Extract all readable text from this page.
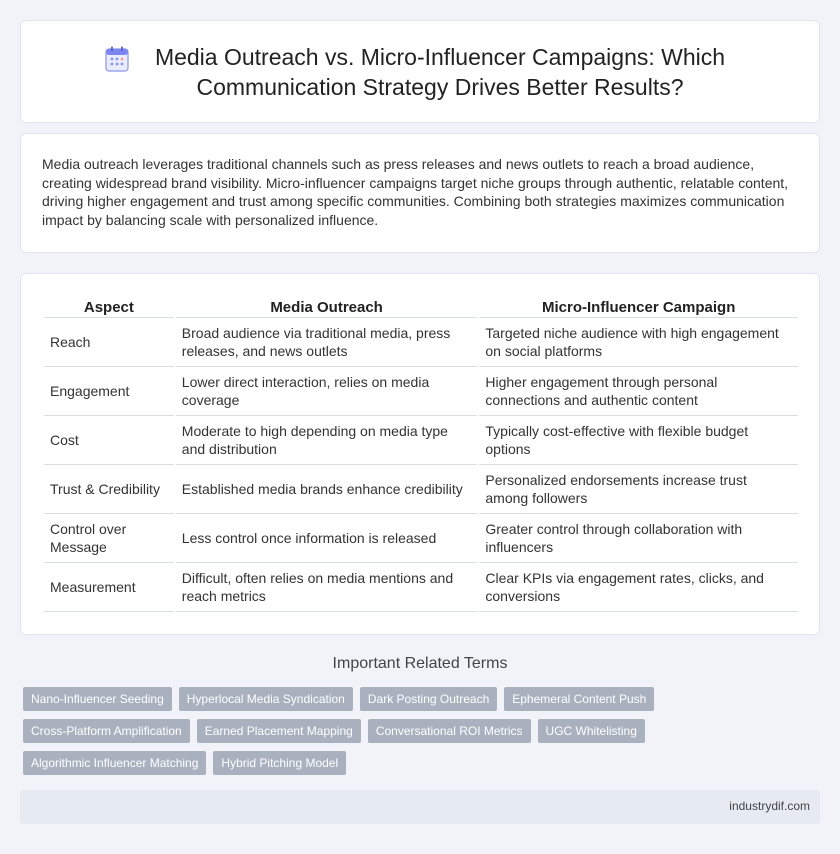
Media Outreach vs. Micro-Influencer Campaigns: Which Communication Strategy Drives Better Results?

Media outreach leverages traditional channels such as press releases and news outlets to reach a broad audience, creating widespread brand visibility. Micro-influencer campaigns target niche groups through authentic, relatable content, driving higher engagement and trust among specific communities. Combining both strategies maximizes communication impact by balancing scale with personalized influence.

Aspect	Media Outreach	Micro-Influencer Campaign
Reach	Broad audience via traditional media, press releases, and news outlets	Targeted niche audience with high engagement on social platforms
Engagement	Lower direct interaction, relies on media coverage	Higher engagement through personal connections and authentic content
Cost	Moderate to high depending on media type and distribution	Typically cost-effective with flexible budget options
Trust & Credibility	Established media brands enhance credibility	Personalized endorsements increase trust among followers
Control over Message	Less control once information is released	Greater control through collaboration with influencers
Measurement	Difficult, often relies on media mentions and reach metrics	Clear KPIs via engagement rates, clicks, and conversions
Important Related Terms
Nano-Influencer Seeding	Hyperlocal Media Syndication	Dark Posting Outreach	Ephemeral Content Push
Cross-Platform Amplification	Earned Placement Mapping	Conversational ROI Metrics	UGC Whitelisting
Algorithmic Influencer Matching	Hybrid Pitching Model
industrydif.com
